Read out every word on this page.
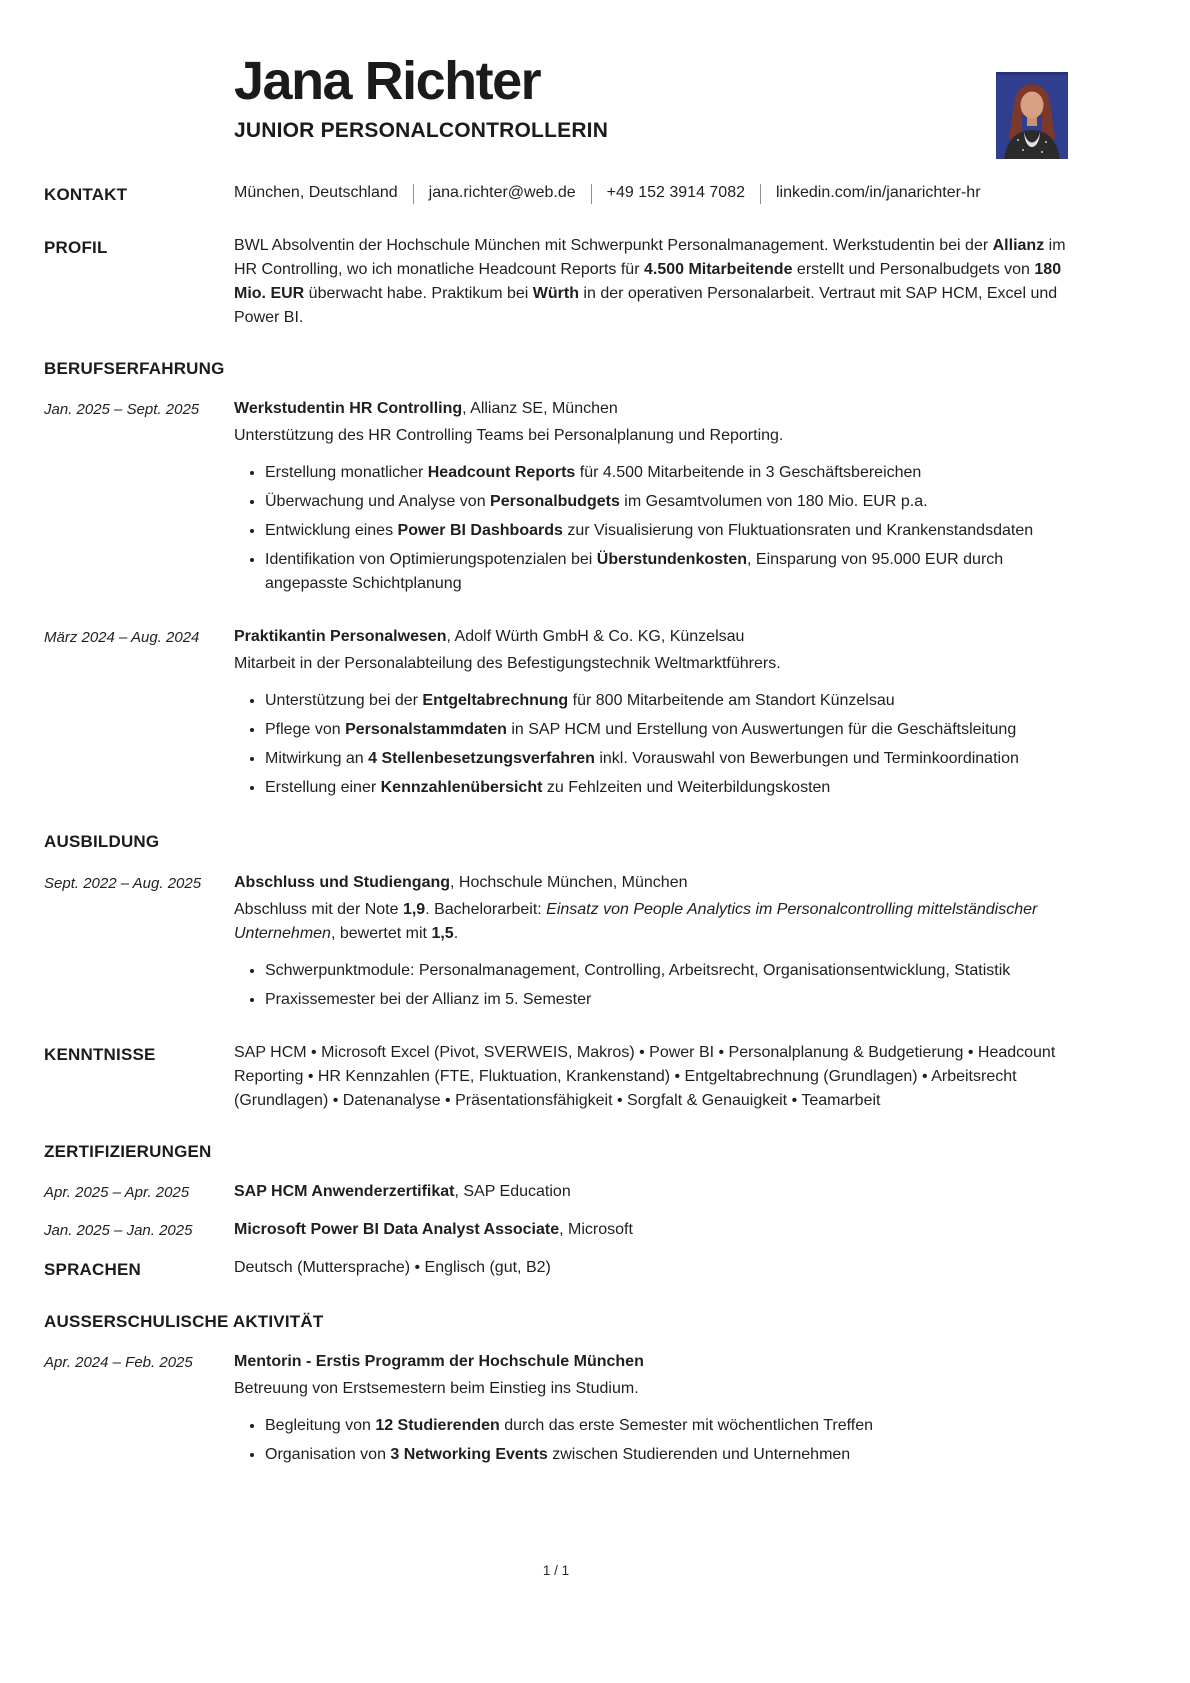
Jana Richter
JUNIOR PERSONALCONTROLLERIN
KONTAKT	München, Deutschland jana.richter@web.de +49 152 3914 7082 linkedin.com/in/janarichter-hr
PROFIL	BWL Absolventin der Hochschule München mit Schwerpunkt Personalmanagement. Werkstudentin bei der Allianz im HR Controlling, wo ich monatliche Headcount Reports für 4.500 Mitarbeitende erstellt und Personalbudgets von 180 Mio. EUR überwacht habe. Praktikum bei Würth in der operativen Personalarbeit. Vertraut mit SAP HCM, Excel und Power BI.
BERUFSERFAHRUNG
Jan. 2025 – Sept. 2025	Werkstudentin HR Controlling, Allianz SE, München
Unterstützung des HR Controlling Teams bei Personalplanung und Reporting.
• Erstellung monatlicher Headcount Reports für 4.500 Mitarbeitende in 3 Geschäftsbereichen
• Überwachung und Analyse von Personalbudgets im Gesamtvolumen von 180 Mio. EUR p.a.
• Entwicklung eines Power BI Dashboards zur Visualisierung von Fluktuationsraten und Krankenstandsdaten
• Identifikation von Optimierungspotenzialen bei Überstundenkosten, Einsparung von 95.000 EUR durch angepasste Schichtplanung
März 2024 – Aug. 2024	Praktikantin Personalwesen, Adolf Würth GmbH & Co. KG, Künzelsau
Mitarbeit in der Personalabteilung des Befestigungstechnik Weltmarktführers.
• Unterstützung bei der Entgeltabrechnung für 800 Mitarbeitende am Standort Künzelsau
• Pflege von Personalstammdaten in SAP HCM und Erstellung von Auswertungen für die Geschäftsleitung
• Mitwirkung an 4 Stellenbesetzungsverfahren inkl. Vorauswahl von Bewerbungen und Terminkoordination
• Erstellung einer Kennzahlenübersicht zu Fehlzeiten und Weiterbildungskosten
AUSBILDUNG
Sept. 2022 – Aug. 2025	Abschluss und Studiengang, Hochschule München, München
Abschluss mit der Note 1,9. Bachelorarbeit: Einsatz von People Analytics im Personalcontrolling mittelständischer Unternehmen, bewertet mit 1,5.
• Schwerpunktmodule: Personalmanagement, Controlling, Arbeitsrecht, Organisationsentwicklung, Statistik
• Praxissemester bei der Allianz im 5. Semester
KENNTNISSE	SAP HCM • Microsoft Excel (Pivot, SVERWEIS, Makros) • Power BI • Personalplanung & Budgetierung • Headcount Reporting • HR Kennzahlen (FTE, Fluktuation, Krankenstand) • Entgeltabrechnung (Grundlagen) • Arbeitsrecht (Grundlagen) • Datenanalyse • Präsentationsfähigkeit • Sorgfalt & Genauigkeit • Teamarbeit
ZERTIFIZIERUNGEN
Apr. 2025 – Apr. 2025	SAP HCM Anwenderzertifikat, SAP Education
Jan. 2025 – Jan. 2025	Microsoft Power BI Data Analyst Associate, Microsoft
SPRACHEN	Deutsch (Muttersprache) • Englisch (gut, B2)
AUSSERSCHULISCHE AKTIVITÄT
Apr. 2024 – Feb. 2025	Mentorin - Erstis Programm der Hochschule München
Betreuung von Erstsemestern beim Einstieg ins Studium.
• Begleitung von 12 Studierenden durch das erste Semester mit wöchentlichen Treffen
• Organisation von 3 Networking Events zwischen Studierenden und Unternehmen
1 / 1
